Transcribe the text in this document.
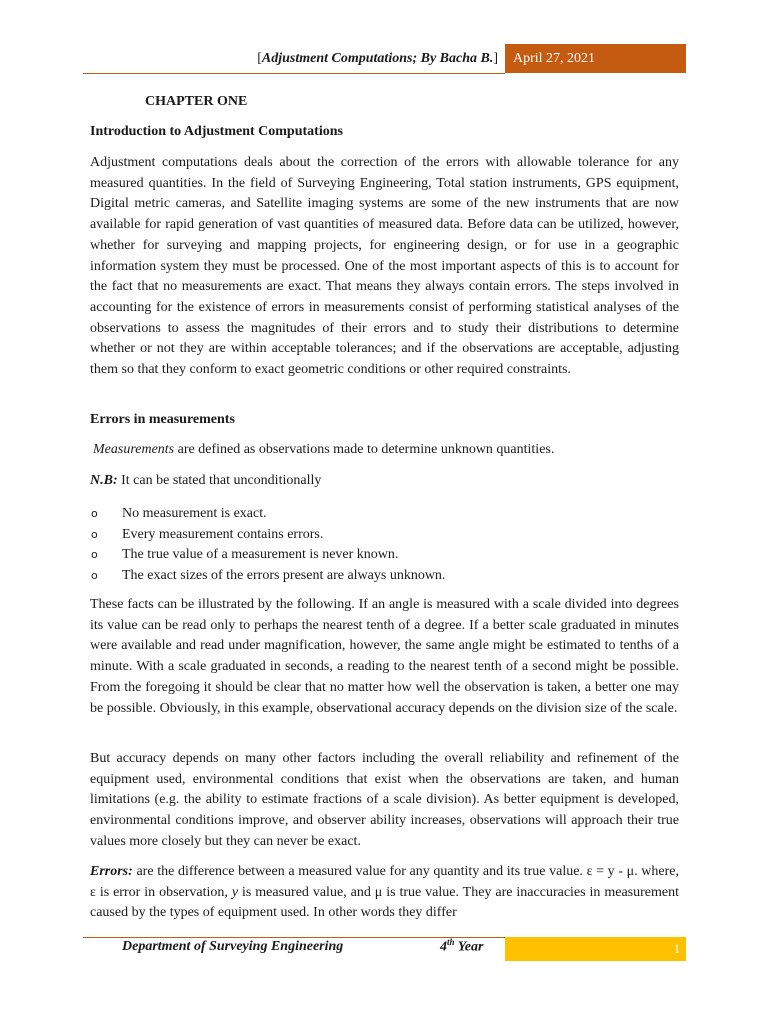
[Adjustment Computations; By Bacha B.]	April 27, 2021
CHAPTER ONE
Introduction to Adjustment Computations

Adjustment computations deals about the correction of the errors with allowable tolerance for any measured quantities. In the field of Surveying Engineering, Total station instruments, GPS equipment, Digital metric cameras, and Satellite imaging systems are some of the new instruments that are now available for rapid generation of vast quantities of measured data. Before data can be utilized, however, whether for surveying and mapping projects, for engineering design, or for use in a geographic information system they must be processed. One of the most important aspects of this is to account for the fact that no measurements are exact. That means they always contain errors. The steps involved in accounting for the existence of errors in measurements consist of performing statistical analyses of the observations to assess the magnitudes of their errors and to study their distributions to determine whether or not they are within acceptable tolerances; and if the observations are acceptable, adjusting them so that they conform to exact geometric conditions or other required constraints.

Errors in measurements

Measurements are defined as observations made to determine unknown quantities.

N.B: It can be stated that unconditionally

o No measurement is exact.
o Every measurement contains errors.
o The true value of a measurement is never known.
o The exact sizes of the errors present are always unknown.

These facts can be illustrated by the following. If an angle is measured with a scale divided into degrees its value can be read only to perhaps the nearest tenth of a degree. If a better scale graduated in minutes were available and read under magnification, however, the same angle might be estimated to tenths of a minute. With a scale graduated in seconds, a reading to the nearest tenth of a second might be possible. From the foregoing it should be clear that no matter how well the observation is taken, a better one may be possible. Obviously, in this example, observational accuracy depends on the division size of the scale.

But accuracy depends on many other factors including the overall reliability and refinement of the equipment used, environmental conditions that exist when the observations are taken, and human limitations (e.g. the ability to estimate fractions of a scale division). As better equipment is developed, environmental conditions improve, and observer ability increases, observations will approach their true values more closely but they can never be exact.

Errors: are the difference between a measured value for any quantity and its true value. ε = y - μ. where, ε is error in observation, y is measured value, and μ is true value. They are inaccuracies in measurement caused by the types of equipment used. In other words they differ

Department of Surveying Engineering	4th Year	1
